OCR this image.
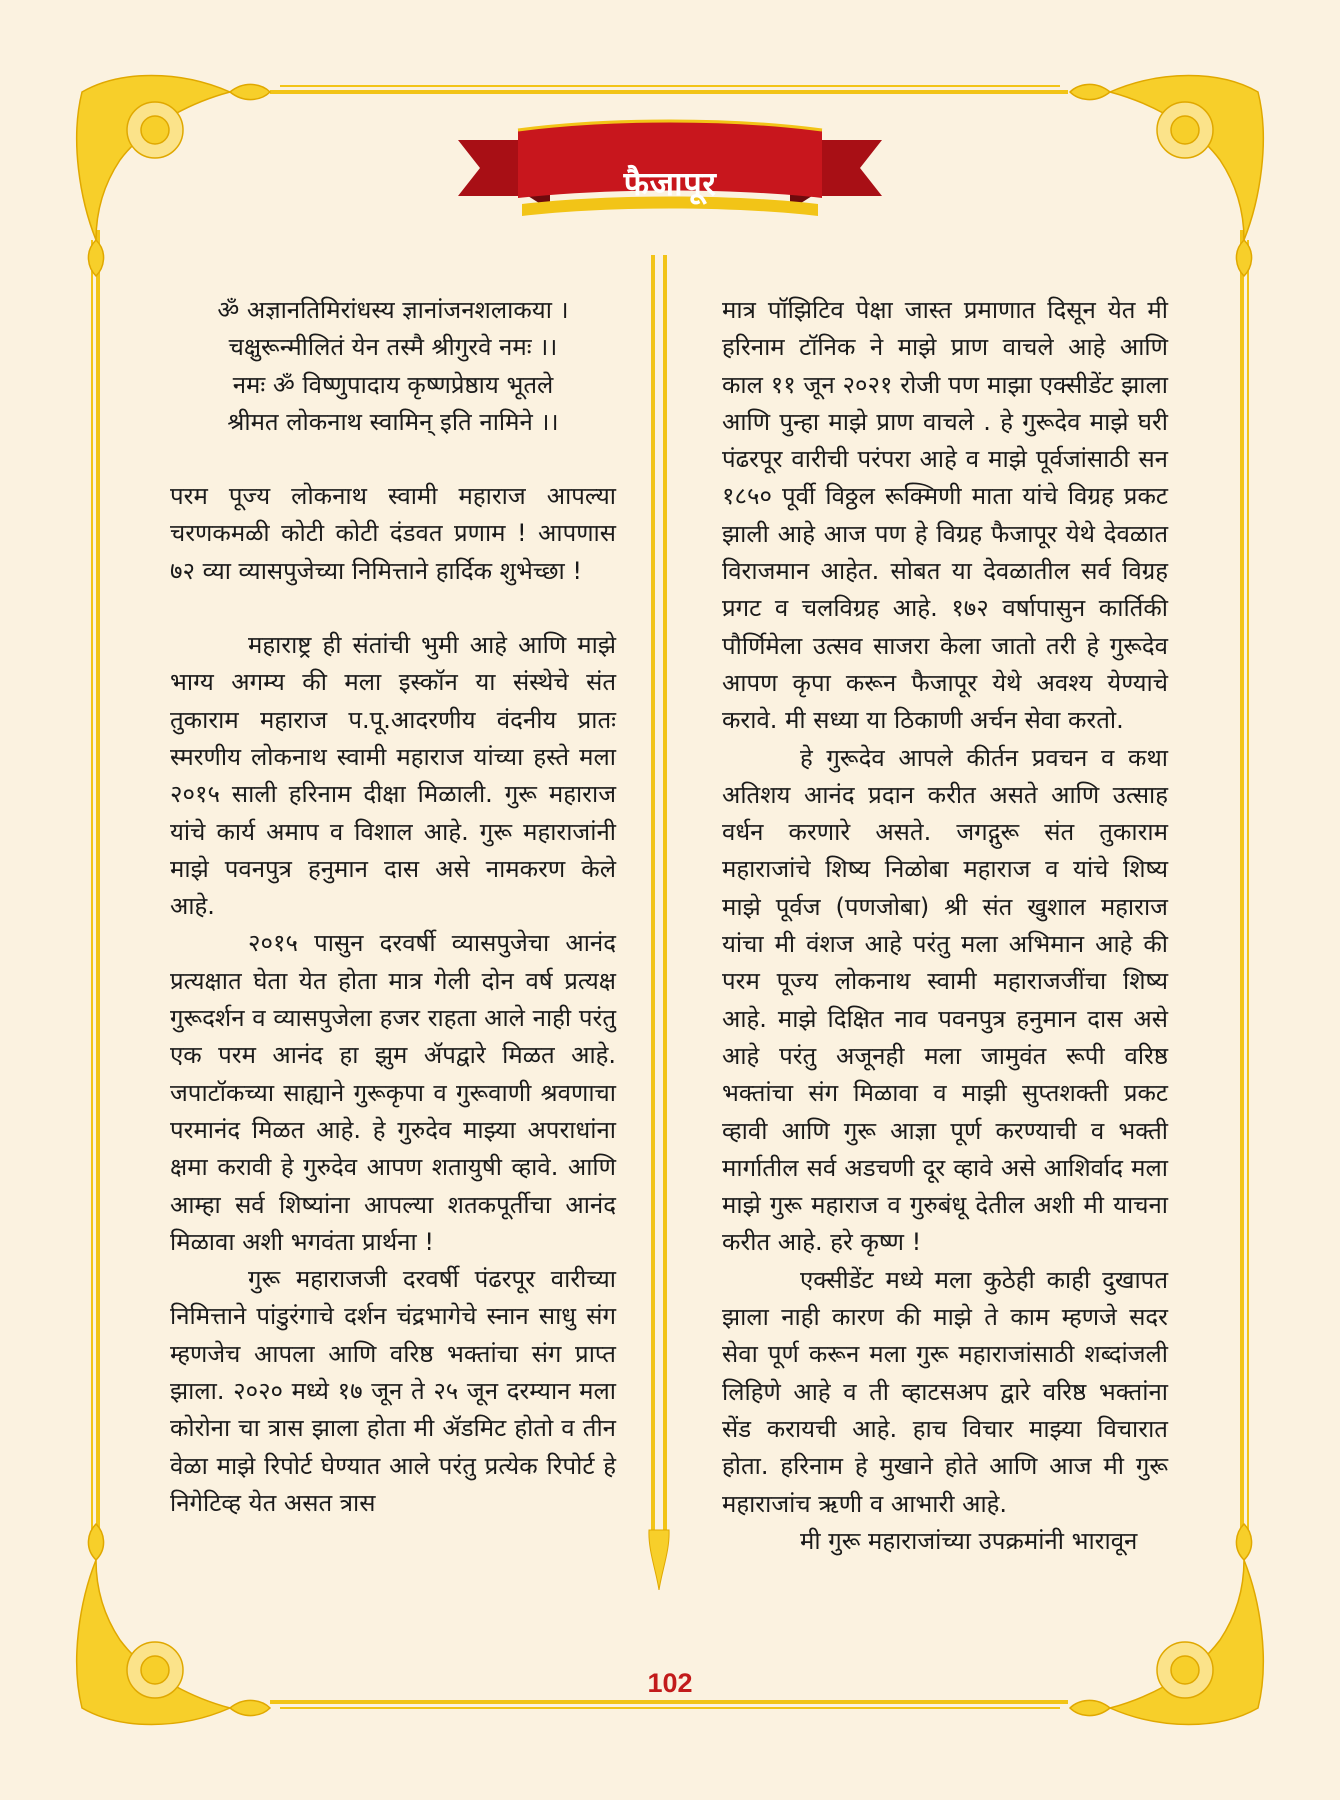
फैजापूर
ॐ अज्ञानतिमिरांधस्य ज्ञानांजनशलाकया ।
चक्षुरून्मीलितं येन तस्मै श्रीगुरवे नमः ।।
नमः ॐ विष्णुपादाय कृष्णप्रेष्ठाय भूतले
श्रीमत लोकनाथ स्वामिन् इति नामिने ।।

परम पूज्य लोकनाथ स्वामी महाराज आपल्या चरणकमळी कोटी कोटी दंडवत प्रणाम ! आपणास ७२ व्या व्यासपुजेच्या निमित्ताने हार्दिक शुभेच्छा !

महाराष्ट्र ही संतांची भुमी आहे आणि माझे भाग्य अगम्य की मला इस्कॉन या संस्थेचे संत तुकाराम महाराज प.पू.आदरणीय वंदनीय प्रातः स्मरणीय लोकनाथ स्वामी महाराज यांच्या हस्ते मला २०१५ साली हरिनाम दीक्षा मिळाली. गुरू महाराज यांचे कार्य अमाप व विशाल आहे. गुरू महाराजांनी माझे पवनपुत्र हनुमान दास असे नामकरण केले आहे.

२०१५ पासुन दरवर्षी व्यासपुजेचा आनंद प्रत्यक्षात घेता येत होता मात्र गेली दोन वर्ष प्रत्यक्ष गुरूदर्शन व व्यासपुजेला हजर राहता आले नाही परंतु एक परम आनंद हा झुम ॲपद्वारे मिळत आहे. जपाटॉकच्या साह्याने गुरूकृपा व गुरूवाणी श्रवणाचा परमानंद मिळत आहे. हे गुरुदेव माझ्या अपराधांना क्षमा करावी हे गुरुदेव आपण शतायुषी व्हावे. आणि आम्हा सर्व शिष्यांना आपल्या शतकपूर्तीचा आनंद मिळावा अशी भगवंता प्रार्थना !

गुरू महाराजजी दरवर्षी पंढरपूर वारीच्या निमित्ताने पांडुरंगाचे दर्शन चंद्रभागेचे स्नान साधु संग म्हणजेच आपला आणि वरिष्ठ भक्तांचा संग प्राप्त झाला. २०२० मध्ये १७ जून ते २५ जून दरम्यान मला कोरोना चा त्रास झाला होता मी ॲडमिट होतो व तीन वेळा माझे रिपोर्ट घेण्यात आले परंतु प्रत्येक रिपोर्ट हे निगेटिव्ह येत असत त्रास

मात्र पॉझिटिव पेक्षा जास्त प्रमाणात दिसून येत मी हरिनाम टॉनिक ने माझे प्राण वाचले आहे आणि काल ११ जून २०२१ रोजी पण माझा एक्सीडेंट झाला आणि पुन्हा माझे प्राण वाचले . हे गुरूदेव माझे घरी पंढरपूर वारीची परंपरा आहे व माझे पूर्वजांसाठी सन १८५० पूर्वी विठ्ठल रूक्मिणी माता यांचे विग्रह प्रकट झाली आहे आज पण हे विग्रह फैजापूर येथे देवळात विराजमान आहेत. सोबत या देवळातील सर्व विग्रह प्रगट व चलविग्रह आहे. १७२ वर्षापासुन कार्तिकी पौर्णिमेला उत्सव साजरा केला जातो तरी हे गुरूदेव आपण कृपा करून फैजापूर येथे अवश्य येण्याचे करावे. मी सध्या या ठिकाणी अर्चन सेवा करतो.

हे गुरूदेव आपले कीर्तन प्रवचन व कथा अतिशय आनंद प्रदान करीत असते आणि उत्साह वर्धन करणारे असते. जगद्गुरू संत तुकाराम महाराजांचे शिष्य निळोबा महाराज व यांचे शिष्य माझे पूर्वज (पणजोबा) श्री संत खुशाल महाराज यांचा मी वंशज आहे परंतु मला अभिमान आहे की परम पूज्य लोकनाथ स्वामी महाराजजींचा शिष्य आहे. माझे दिक्षित नाव पवनपुत्र हनुमान दास असे आहे परंतु अजूनही मला जामुवंत रूपी वरिष्ठ भक्तांचा संग मिळावा व माझी सुप्तशक्ती प्रकट व्हावी आणि गुरू आज्ञा पूर्ण करण्याची व भक्ती मार्गातील सर्व अडचणी दूर व्हावे असे आशिर्वाद मला माझे गुरू महाराज व गुरुबंधू देतील अशी मी याचना करीत आहे. हरे कृष्ण !

एक्सीडेंट मध्ये मला कुठेही काही दुखापत झाला नाही कारण की माझे ते काम म्हणजे सदर सेवा पूर्ण करून मला गुरू महाराजांसाठी शब्दांजली लिहिणे आहे व ती व्हाटसअप द्वारे वरिष्ठ भक्तांना सेंड करायची आहे. हाच विचार माझ्या विचारात होता. हरिनाम हे मुखाने होते आणि आज मी गुरू महाराजांच ऋणी व आभारी आहे.

मी गुरू महाराजांच्या उपक्रमांनी भारावून

102
